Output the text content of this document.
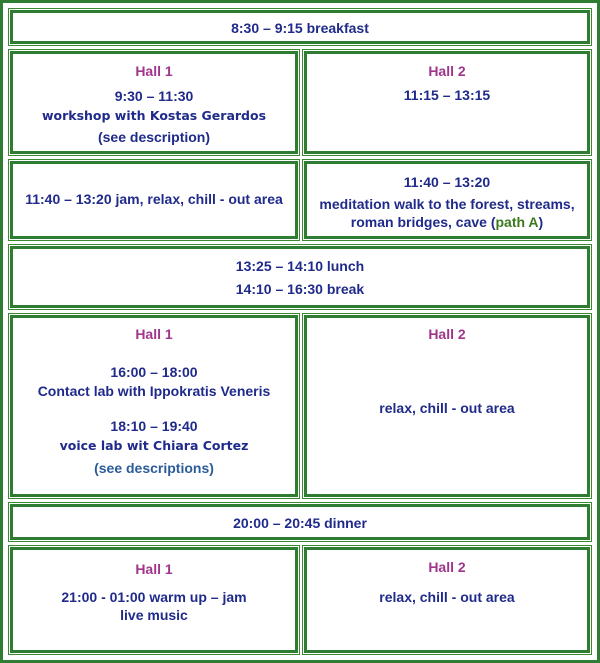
8:30 – 9:15 breakfast
Hall 1
9:30 – 11:30
workshop with Kostas Gerardos
(see description)
Hall 2
11:15 – 13:15
11:40 – 13:20 jam, relax, chill - out area
11:40 – 13:20
meditation walk to the forest, streams,
roman bridges, cave (path A)
13:25 – 14:10 lunch
14:10 – 16:30 break
Hall 1
16:00 – 18:00
Contact lab with Ippokratis Veneris
18:10 – 19:40
voice lab wit Chiara Cortez
(see descriptions)
Hall 2
relax, chill - out area
20:00 – 20:45 dinner
Hall 1
21:00 - 01:00 warm up – jam
live music
Hall 2
relax, chill - out area
